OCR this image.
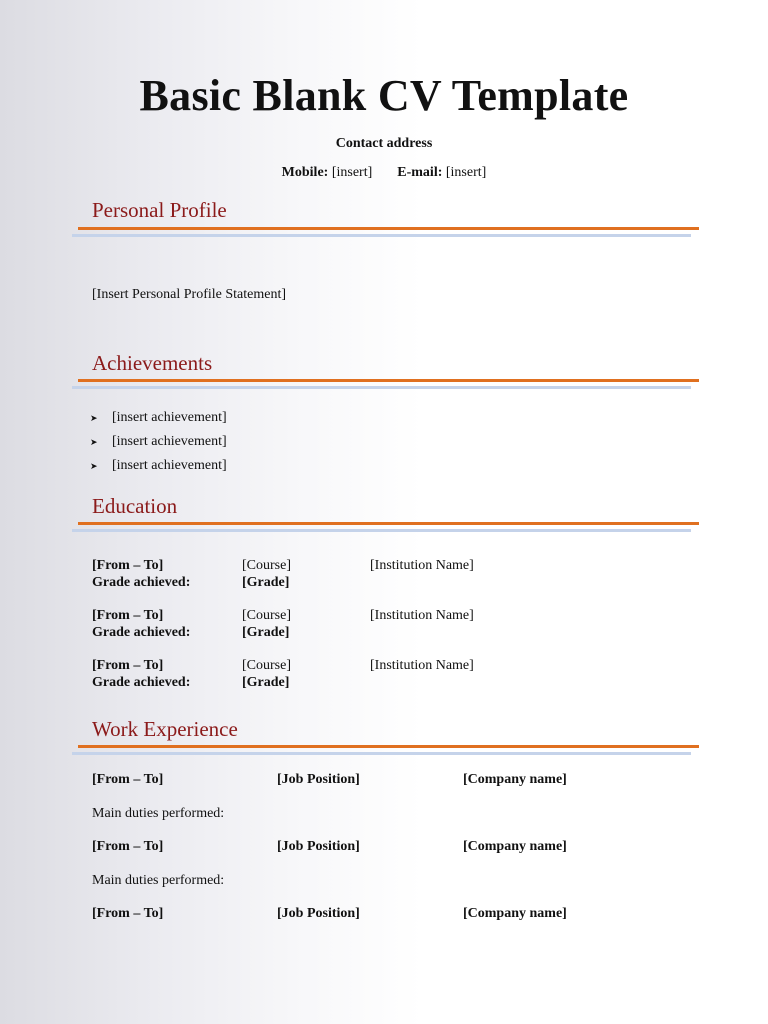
Basic Blank CV Template
Contact address
Mobile: [insert] E-mail: [insert]
Personal Profile
[Insert Personal Profile Statement]
Achievements
➤	[insert achievement]
➤	[insert achievement]
➤	[insert achievement]
Education
[From – To]	[Course]	[Institution Name]
Grade achieved:	[Grade]
[From – To]	[Course]	[Institution Name]
Grade achieved:	[Grade]
[From – To]	[Course]	[Institution Name]
Grade achieved:	[Grade]
Work Experience
[From – To]	[Job Position]	[Company name]
Main duties performed:
[From – To]	[Job Position]	[Company name]
Main duties performed:
[From – To]	[Job Position]	[Company name]
